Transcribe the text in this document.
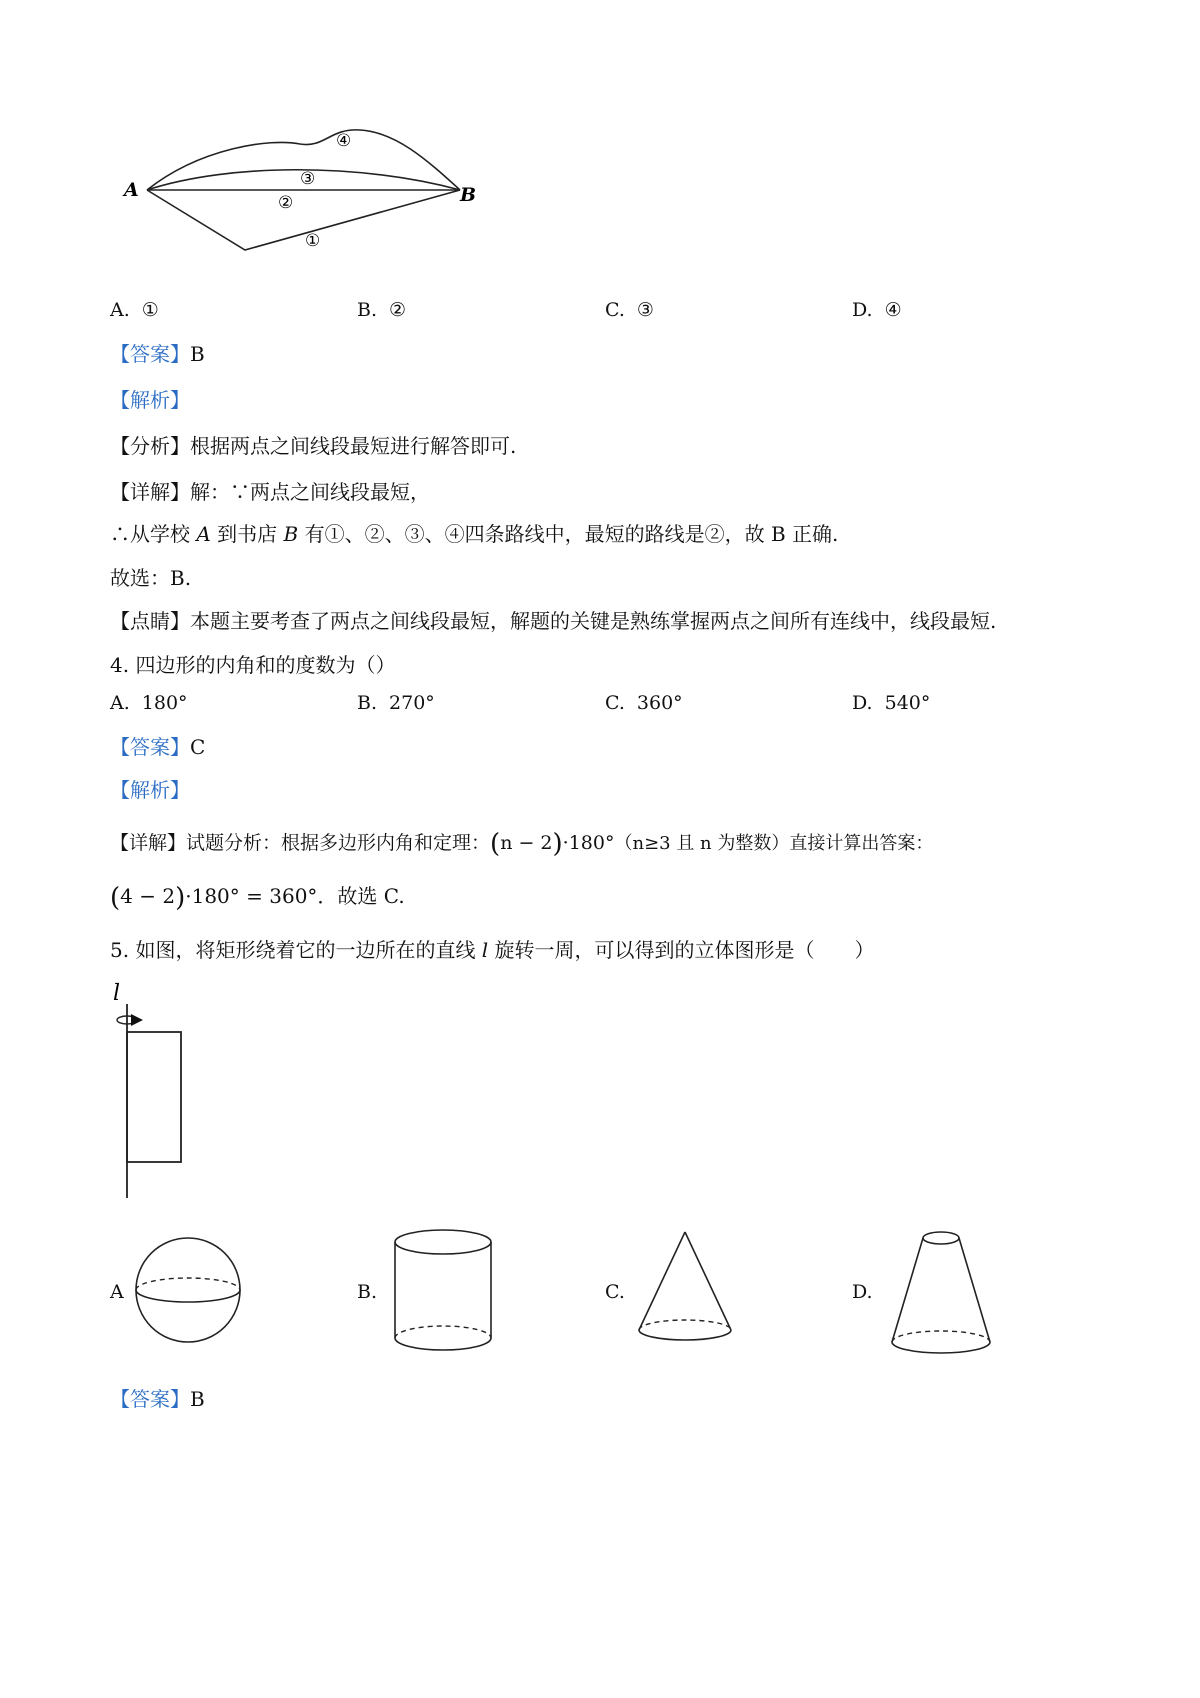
A	B
④
③
②
①
A. ①	B. ②	C. ③	D. ④
【答案】B
【解析】
【分析】根据两点之间线段最短进行解答即可.
【详解】解：∵两点之间线段最短，
∴从学校 A 到书店 B 有①、②、③、④四条路线中，最短的路线是②，故 B 正确.
故选：B.
【点睛】本题主要考查了两点之间线段最短，解题的关键是熟练掌握两点之间所有连线中，线段最短.
4. 四边形的内角和的度数为（）
A. 180°	B. 270°	C. 360°	D. 540°
【答案】C
【解析】
【详解】试题分析：根据多边形内角和定理：(n − 2)·180°（n≥3 且 n 为整数）直接计算出答案：
(4 − 2)·180° = 360°．故选 C.
5. 如图，将矩形绕着它的一边所在的直线 l 旋转一周，可以得到的立体图形是（　　）
l
A	B.	C.	D.
【答案】B
